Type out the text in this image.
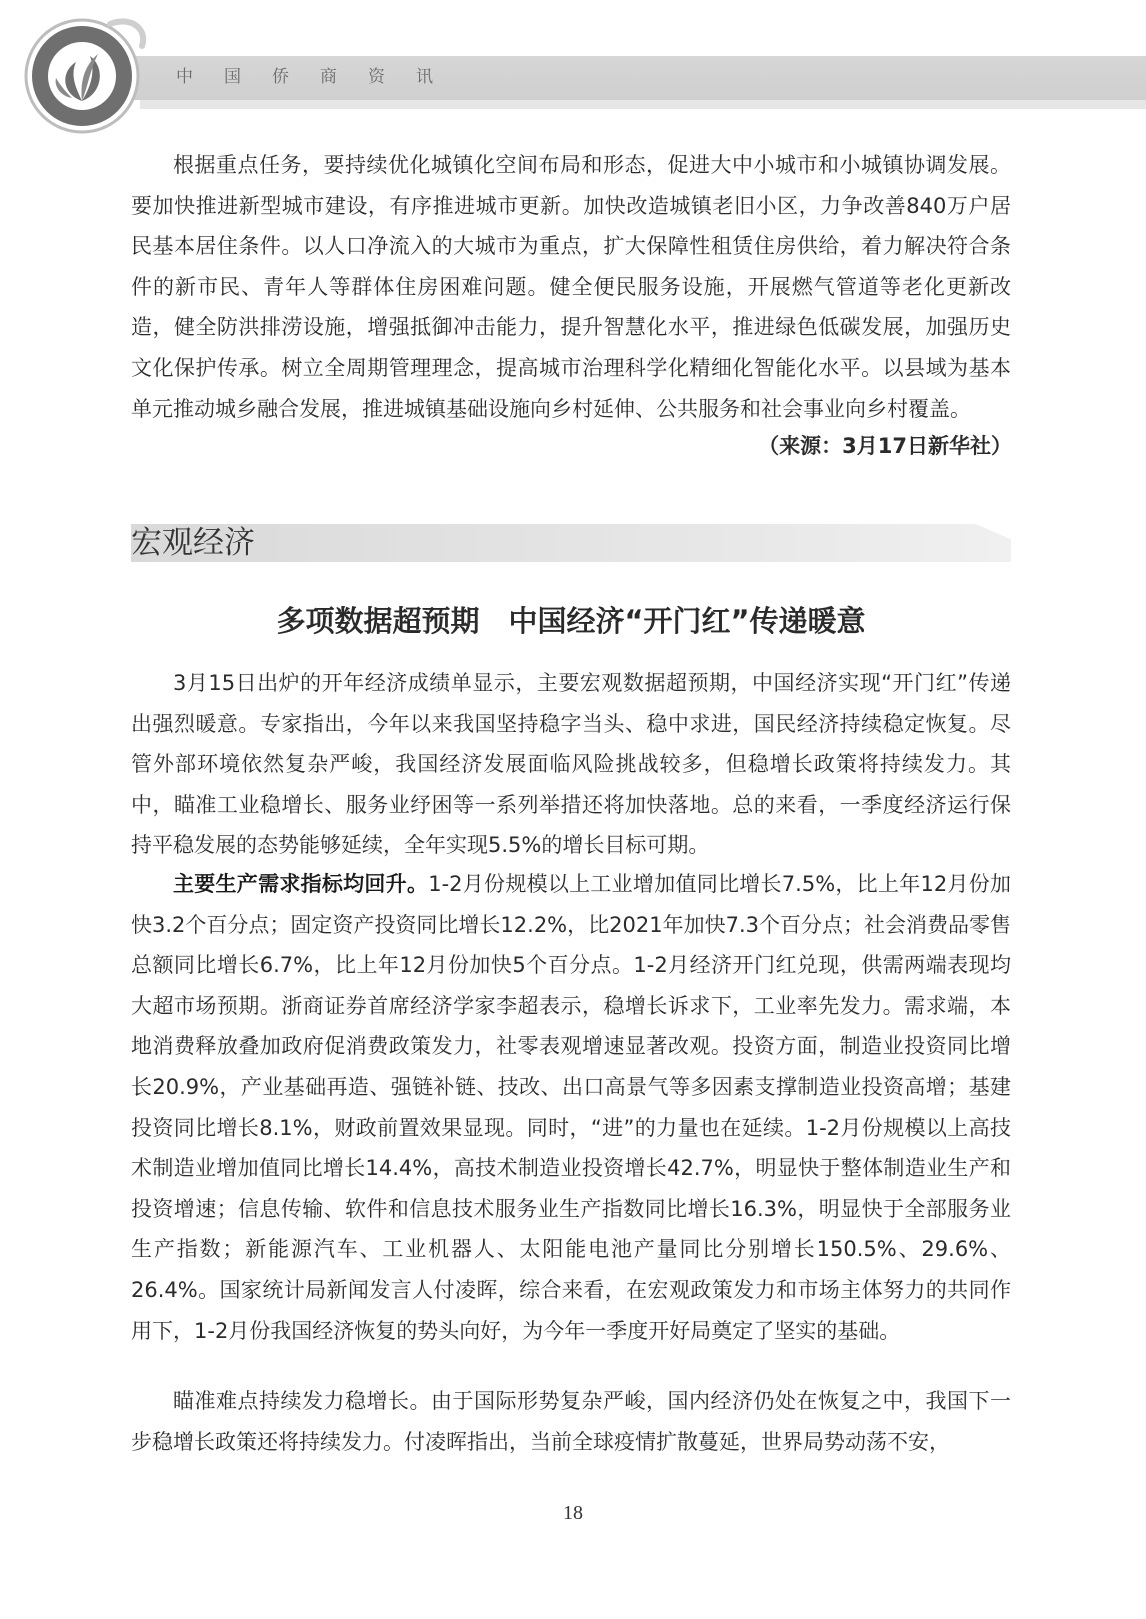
中国侨商资讯

根据重点任务，要持续优化城镇化空间布局和形态，促进大中小城市和小城镇协调发展。要加快推进新型城市建设，有序推进城市更新。加快改造城镇老旧小区，力争改善840万户居民基本居住条件。以人口净流入的大城市为重点，扩大保障性租赁住房供给，着力解决符合条件的新市民、青年人等群体住房困难问题。健全便民服务设施，开展燃气管道等老化更新改造，健全防洪排涝设施，增强抵御冲击能力，提升智慧化水平，推进绿色低碳发展，加强历史文化保护传承。树立全周期管理理念，提高城市治理科学化精细化智能化水平。以县域为基本单元推动城乡融合发展，推进城镇基础设施向乡村延伸、公共服务和社会事业向乡村覆盖。

（来源：3月17日新华社）
宏观经济
多项数据超预期　中国经济“开门红”传递暖意

3月15日出炉的开年经济成绩单显示，主要宏观数据超预期，中国经济实现“开门红”传递出强烈暖意。专家指出，今年以来我国坚持稳字当头、稳中求进，国民经济持续稳定恢复。尽管外部环境依然复杂严峻，我国经济发展面临风险挑战较多，但稳增长政策将持续发力。其中，瞄准工业稳增长、服务业纾困等一系列举措还将加快落地。总的来看，一季度经济运行保持平稳发展的态势能够延续，全年实现5.5%的增长目标可期。

主要生产需求指标均回升。1-2月份规模以上工业增加值同比增长7.5%，比上年12月份加快3.2个百分点；固定资产投资同比增长12.2%，比2021年加快7.3个百分点；社会消费品零售总额同比增长6.7%，比上年12月份加快5个百分点。1-2月经济开门红兑现，供需两端表现均大超市场预期。浙商证券首席经济学家李超表示，稳增长诉求下，工业率先发力。需求端，本地消费释放叠加政府促消费政策发力，社零表观增速显著改观。投资方面，制造业投资同比增长20.9%，产业基础再造、强链补链、技改、出口高景气等多因素支撑制造业投资高增；基建投资同比增长8.1%，财政前置效果显现。同时，“进”的力量也在延续。1-2月份规模以上高技术制造业增加值同比增长14.4%，高技术制造业投资增长42.7%，明显快于整体制造业生产和投资增速；信息传输、软件和信息技术服务业生产指数同比增长16.3%，明显快于全部服务业生产指数；新能源汽车、工业机器人、太阳能电池产量同比分别增长150.5%、29.6%、26.4%。国家统计局新闻发言人付凌晖，综合来看，在宏观政策发力和市场主体努力的共同作用下，1-2月份我国经济恢复的势头向好，为今年一季度开好局奠定了坚实的基础。

瞄准难点持续发力稳增长。由于国际形势复杂严峻，国内经济仍处在恢复之中，我国下一步稳增长政策还将持续发力。付凌晖指出，当前全球疫情扩散蔓延，世界局势动荡不安，

18
